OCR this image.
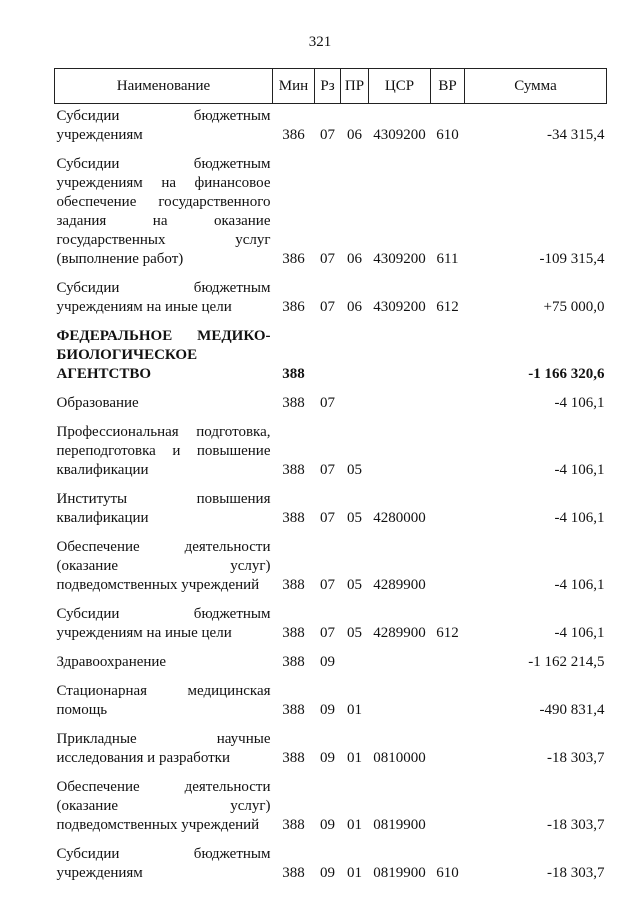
321
Наименование	Мин	Рз	ПР	ЦСР	ВР	Сумма
Субсидии бюджетным учреждениям	386	07	06	4309200	610	-34 315,4
Субсидии бюджетным учреждениям на финансовое обеспечение государственного задания на оказание государственных услуг (выполнение работ)	386	07	06	4309200	611	-109 315,4
Субсидии бюджетным учреждениям на иные цели	386	07	06	4309200	612	+75 000,0
ФЕДЕРАЛЬНОЕ МЕДИКО-БИОЛОГИЧЕСКОЕ АГЕНТСТВО	388					-1 166 320,6
Образование	388	07				-4 106,1
Профессиональная подготовка, переподготовка и повышение квалификации	388	07	05			-4 106,1
Институты повышения квалификации	388	07	05	4280000		-4 106,1
Обеспечение деятельности (оказание услуг) подведомственных учреждений	388	07	05	4289900		-4 106,1
Субсидии бюджетным учреждениям на иные цели	388	07	05	4289900	612	-4 106,1
Здравоохранение	388	09				-1 162 214,5
Стационарная медицинская помощь	388	09	01			-490 831,4
Прикладные научные исследования и разработки	388	09	01	0810000		-18 303,7
Обеспечение деятельности (оказание услуг) подведомственных учреждений	388	09	01	0819900		-18 303,7
Субсидии бюджетным учреждениям	388	09	01	0819900	610	-18 303,7
